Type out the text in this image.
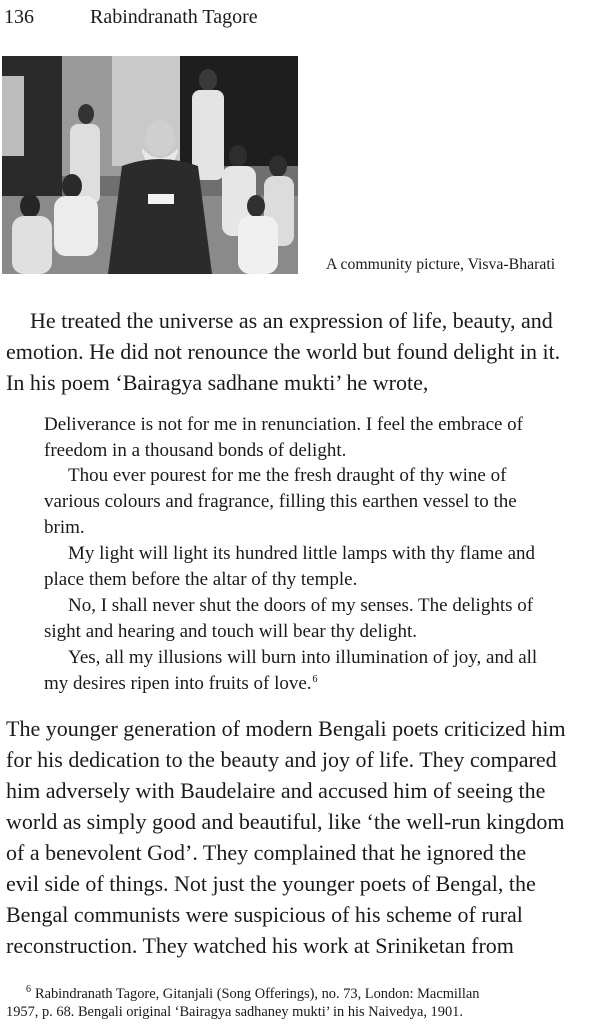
136	Rabindranath Tagore
A community picture, Visva-Bharati
He treated the universe as an expression of life, beauty, and
emotion. He did not renounce the world but found delight in it.
In his poem ‘Bairagya sadhane mukti’ he wrote,
Deliverance is not for me in renunciation. I feel the embrace of
freedom in a thousand bonds of delight.
Thou ever pourest for me the fresh draught of thy wine of
various colours and fragrance, filling this earthen vessel to the
brim.
My light will light its hundred little lamps with thy flame and
place them before the altar of thy temple.
No, I shall never shut the doors of my senses. The delights of
sight and hearing and touch will bear thy delight.
Yes, all my illusions will burn into illumination of joy, and all
my desires ripen into fruits of love.$^6$
The younger generation of modern Bengali poets criticized him
for his dedication to the beauty and joy of life. They compared
him adversely with Baudelaire and accused him of seeing the
world as simply good and beautiful, like ‘the well-run kingdom
of a benevolent God’. They complained that he ignored the
evil side of things. Not just the younger poets of Bengal, the
Bengal communists were suspicious of his scheme of rural
reconstruction. They watched his work at Sriniketan from
$^6$ Rabindranath Tagore, Gitanjali (Song Offerings), no. 73, London: Macmillan
1957, p. 68. Bengali original ‘Bairagya sadhaney mukti’ in his Naivedya, 1901.
